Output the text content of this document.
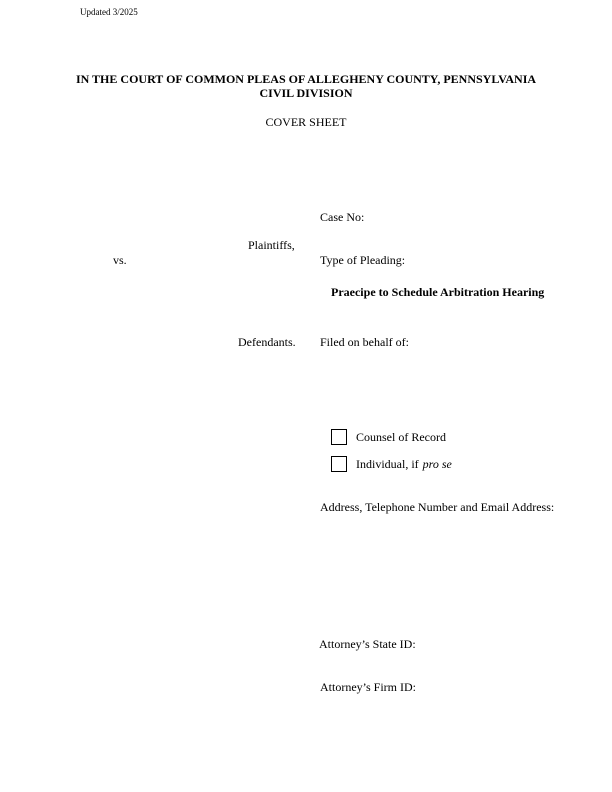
Updated 3/2025
IN THE COURT OF COMMON PLEAS OF ALLEGHENY COUNTY, PENNSYLVANIA
CIVIL DIVISION
COVER SHEET
Case No:
Plaintiffs,
vs.	Type of Pleading:
Praecipe to Schedule Arbitration Hearing
Defendants. Filed on behalf of:
Counsel of Record
Individual, if pro se
Address, Telephone Number and Email Address:
Attorney’s State ID:
Attorney’s Firm ID:
